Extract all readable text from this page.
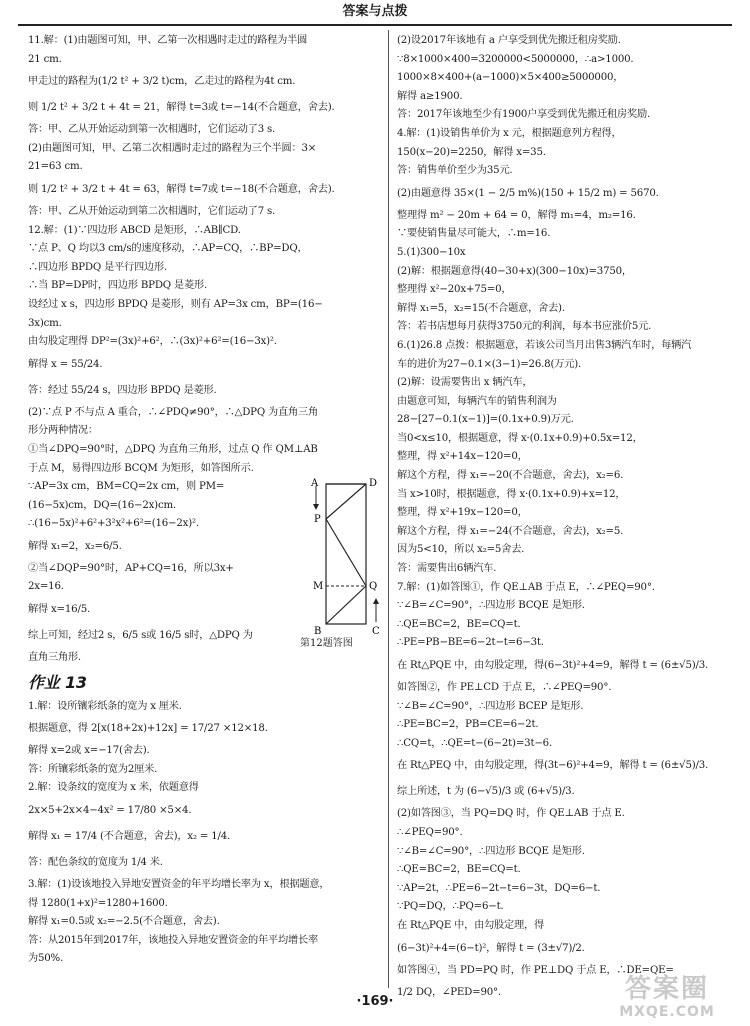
答案与点拨
11.解：(1)由题图可知，甲、乙第一次相遇时走过的路程为半圆
21 cm.
甲走过的路程为(1/2 t² + 3/2 t)cm，乙走过的路程为4t cm.
则 1/2 t² + 3/2 t + 4t = 21，解得 t=3或 t=−14(不合题意，舍去).
答：甲、乙从开始运动到第一次相遇时，它们运动了3 s.
(2)由题图可知，甲、乙第二次相遇时走过的路程为三个半圆：3×
21=63 cm.
则 1/2 t² + 3/2 t + 4t = 63，解得 t=7或 t=−18(不合题意，舍去).
答：甲、乙从开始运动到第二次相遇时，它们运动了7 s.
12.解：(1)∵四边形 ABCD 是矩形，∴AB∥CD.
∵点 P、Q 均以3 cm/s的速度移动，∴AP=CQ，∴BP=DQ，
∴四边形 BPDQ 是平行四边形.
∴当 BP=DP时，四边形 BPDQ 是菱形.
设经过 x s，四边形 BPDQ 是菱形，则有 AP=3x cm，BP=(16−
3x)cm.
由勾股定理得 DP²=(3x)²+6²，∴(3x)²+6²=(16−3x)².
解得 x = 55/24.
答：经过 55/24 s，四边形 BPDQ 是菱形.
(2)∵点 P 不与点 A 重合，∴∠PDQ≠90°，∴△DPQ 为直角三角
形分两种情况：
①当∠DPQ=90°时，△DPQ 为直角三角形，过点 Q 作 QM⊥AB
于点 M，易得四边形 BCQM 为矩形，如答图所示.
∵AP=3x cm，BM=CQ=2x cm，则 PM=
(16−5x)cm，DQ=(16−2x)cm.
∴(16−5x)²+6²+3²x²+6²=(16−2x)².
解得 x₁=2，x₂=6/5.
②当∠DQP=90°时，AP+CQ=16，所以3x+
2x=16.
解得 x=16/5.
综上可知，经过2 s，6/5 s或 16/5 s时，△DPQ 为
直角三角形.
作业 13
1.解：设所镶彩纸条的宽为 x 厘米.
根据题意，得 2[x(18+2x)+12x] = 17/27 ×12×18.
解得 x=2或 x=−17(舍去).
答：所镶彩纸条的宽为2厘米.
2.解：设条纹的宽度为 x 米，依题意得
2x×5+2x×4−4x² = 17/80 ×5×4.
解得 x₁ = 17/4 (不合题意，舍去)，x₂ = 1/4.
答：配色条纹的宽度为 1/4 米.
3.解：(1)设该地投入异地安置资金的年平均增长率为 x，根据题意，
得 1280(1+x)²=1280+1600.
解得 x₁=0.5或 x₂=−2.5(不合题意，舍去).
答：从2015年到2017年，该地投入异地安置资金的年平均增长率
为50%.
A	D
P
M	Q
B	C
第12题答图
(2)设2017年该地有 a 户享受到优先搬迁租房奖励.
∵8×1000×400=3200000<5000000，∴a>1000.
1000×8×400+(a−1000)×5×400≥5000000，
解得 a≥1900.
答：2017年该地至少有1900户享受到优先搬迁租房奖励.
4.解：(1)设销售单价为 x 元，根据题意列方程得，
150(x−20)=2250，解得 x=35.
答：销售单价至少为35元.
(2)由题意得 35×(1 − 2/5 m%)(150 + 15/2 m) = 5670.
整理得 m² − 20m + 64 = 0，解得 m₁=4，m₂=16.
∵要使销售量尽可能大，∴m=16.
5.(1)300−10x
(2)解：根据题意得(40−30+x)(300−10x)=3750，
整理得 x²−20x+75=0，
解得 x₁=5，x₂=15(不合题意，舍去).
答：若书店想每月获得3750元的利润，每本书应涨价5元.
6.(1)26.8 点拨：根据题意，若该公司当月出售3辆汽车时，每辆汽
车的进价为27−0.1×(3−1)=26.8(万元).
(2)解：设需要售出 x 辆汽车，
由题意可知，每辆汽车的销售利润为
28−[27−0.1(x−1)]=(0.1x+0.9)万元.
当0<x≤10，根据题意，得 x·(0.1x+0.9)+0.5x=12，
整理，得 x²+14x−120=0，
解这个方程，得 x₁=−20(不合题意，舍去)，x₂=6.
当 x>10时，根据题意，得 x·(0.1x+0.9)+x=12，
整理，得 x²+19x−120=0，
解这个方程，得 x₁=−24(不合题意，舍去)，x₂=5.
因为5<10，所以 x₂=5舍去.
答：需要售出6辆汽车.
7.解：(1)如答图①，作 QE⊥AB 于点 E，∴∠PEQ=90°.
∵∠B=∠C=90°，∴四边形 BCQE 是矩形.
∴QE=BC=2，BE=CQ=t.
∴PE=PB−BE=6−2t−t=6−3t.
在 Rt△PQE 中，由勾股定理，得(6−3t)²+4=9，解得 t = (6±√5)/3.
如答图②，作 PE⊥CD 于点 E，∴∠PEQ=90°.
∵∠B=∠C=90°，∴四边形 BCEP 是矩形.
∴PE=BC=2，PB=CE=6−2t.
∴CQ=t，∴QE=t−(6−2t)=3t−6.
在 Rt△PEQ 中，由勾股定理，得(3t−6)²+4=9，解得 t = (6±√5)/3.
综上所述，t 为 (6−√5)/3 或 (6+√5)/3.
(2)如答图③，当 PQ=DQ 时，作 QE⊥AB 于点 E.
∴∠PEQ=90°.
∵∠B=∠C=90°，∴四边形 BCQE 是矩形.
∴QE=BC=2，BE=CQ=t.
∵AP=2t，∴PE=6−2t−t=6−3t，DQ=6−t.
∵PQ=DQ，∴PQ=6−t.
在 Rt△PQE 中，由勾股定理，得
(6−3t)²+4=(6−t)²，解得 t = (3±√7)/2.
如答图④，当 PD=PQ 时，作 PE⊥DQ 于点 E，∴DE=QE=
1/2 DQ，∠PED=90°.
·169·	答案圈
MXQE.COM
